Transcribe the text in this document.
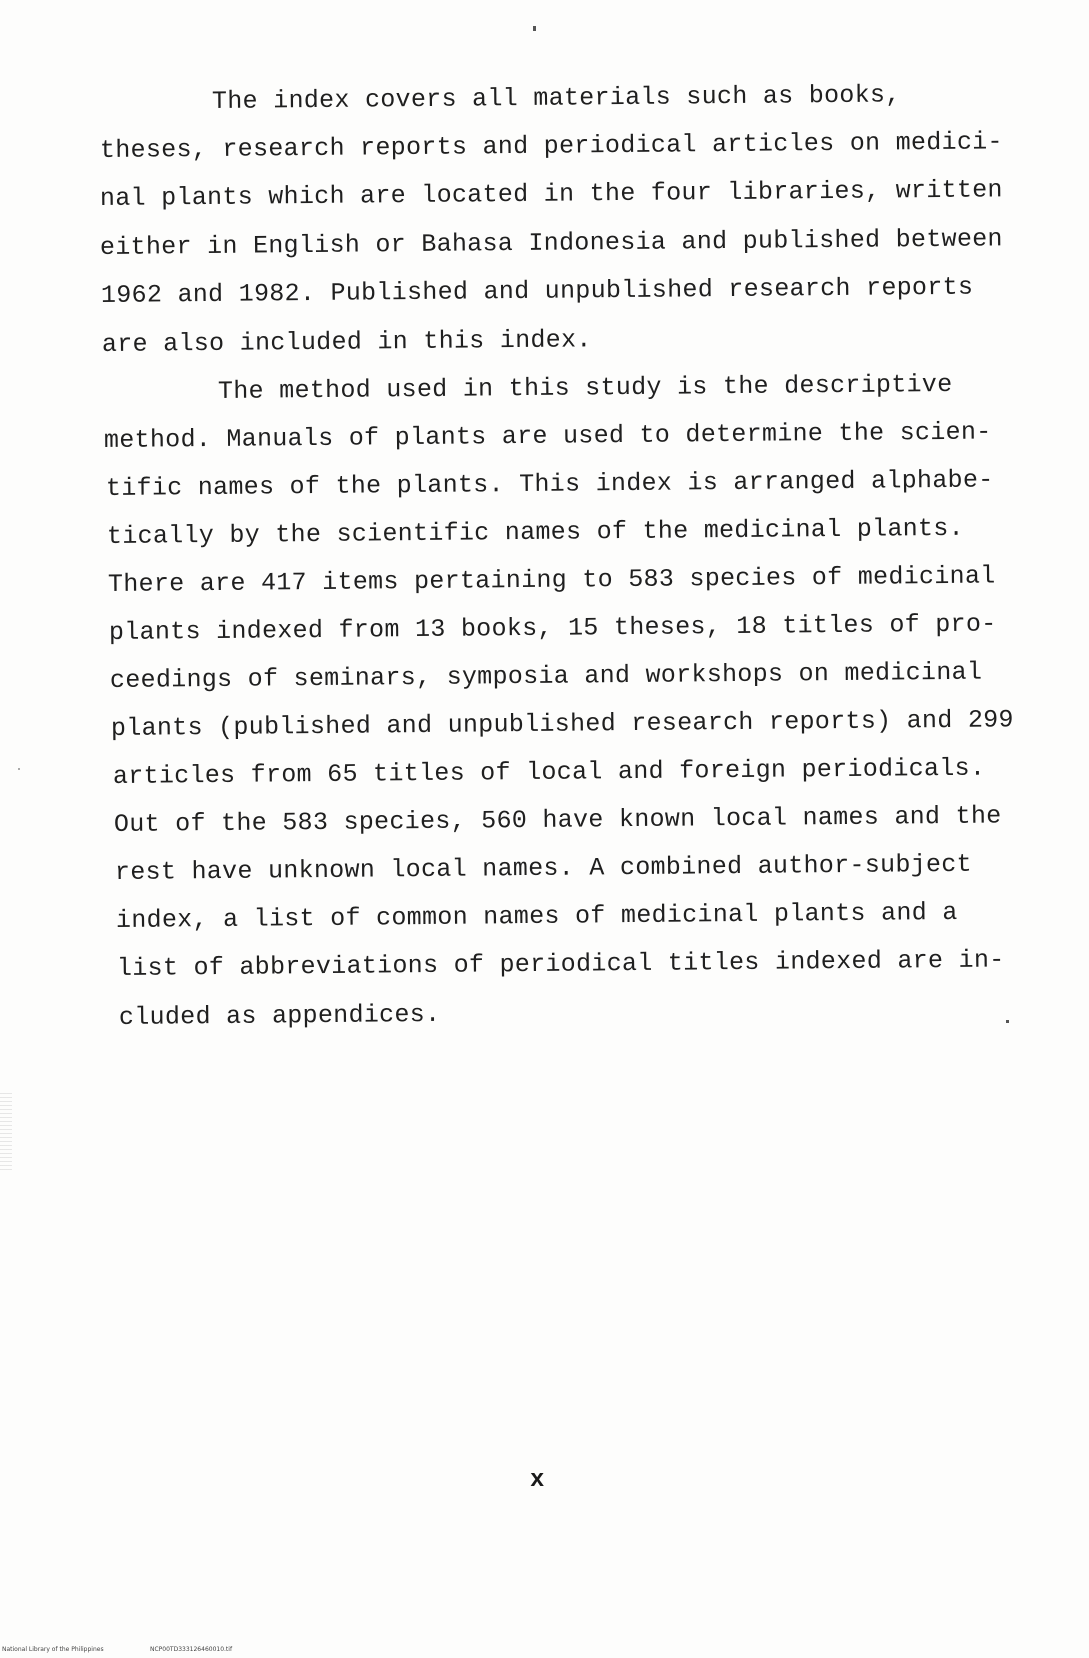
The index covers all materials such as books,
theses, research reports and periodical articles on medici-
nal plants which are located in the four libraries, written
either in English or Bahasa Indonesia and published between
1962 and 1982. Published and unpublished research reports
are also included in this index.
The method used in this study is the descriptive
method. Manuals of plants are used to determine the scien-
tific names of the plants. This index is arranged alphabe-
tically by the scientific names of the medicinal plants.
There are 417 items pertaining to 583 species of medicinal
plants indexed from 13 books, 15 theses, 18 titles of pro-
ceedings of seminars, symposia and workshops on medicinal
plants (published and unpublished research reports) and 299
articles from 65 titles of local and foreign periodicals.
Out of the 583 species, 560 have known local names and the
rest have unknown local names. A combined author-subject
index, a list of common names of medicinal plants and a
list of abbreviations of periodical titles indexed are in-
cluded as appendices.
x
National Library of the Philippines	NCP00TD333126460010.tif
